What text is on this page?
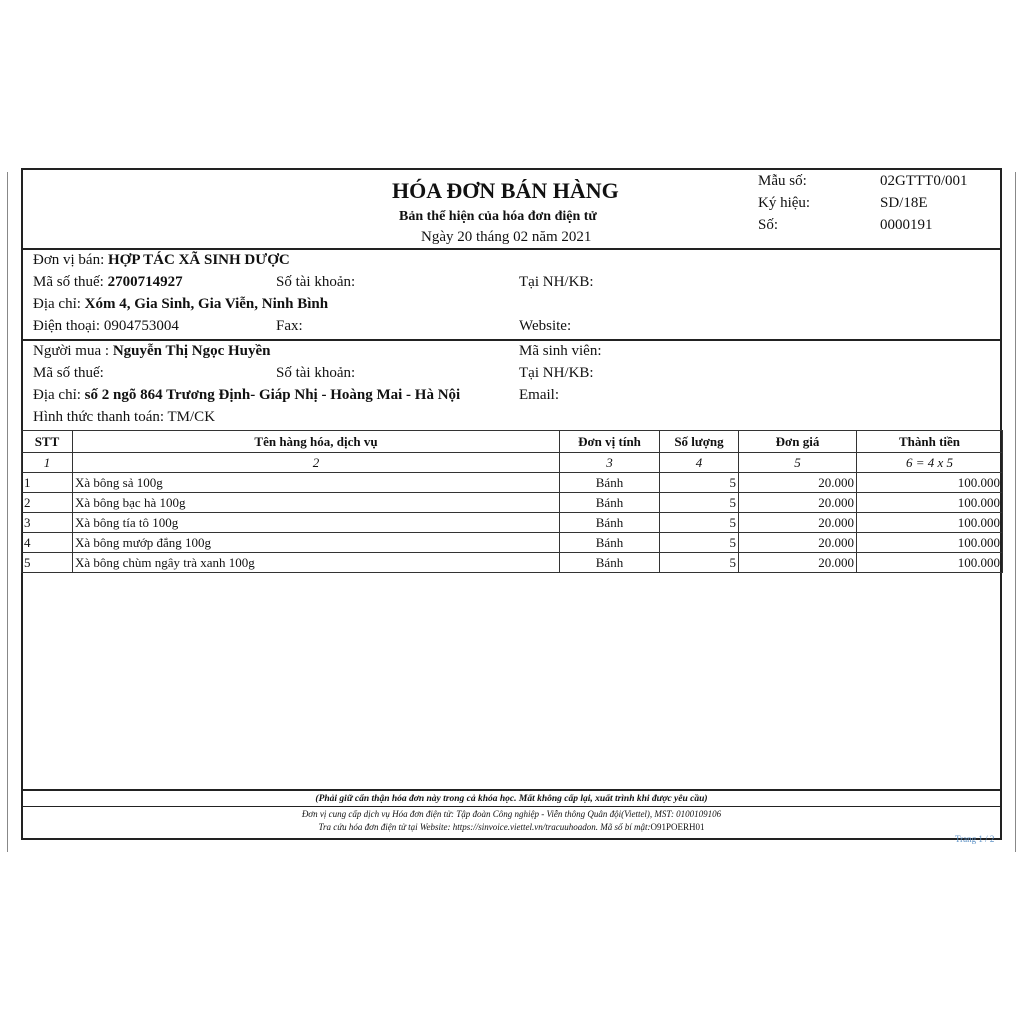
HÓA ĐƠN BÁN HÀNG
Bản thể hiện của hóa đơn điện tử
Ngày 20 tháng 02 năm 2021
Mẫu số:	02GTTT0/001
Ký hiệu:	SD/18E
Số:	0000191
Đơn vị bán: HỢP TÁC XÃ SINH DƯỢC
Mã số thuế: 2700714927	Số tài khoản:	Tại NH/KB:
Địa chỉ: Xóm 4, Gia Sinh, Gia Viễn, Ninh Bình
Điện thoại: 0904753004	Fax:	Website:
Người mua : Nguyễn Thị Ngọc Huyền	Mã sinh viên:
Mã số thuế:	Số tài khoản:	Tại NH/KB:
Địa chỉ: số 2 ngõ 864 Trương Định- Giáp Nhị - Hoàng Mai - Hà Nội	Email:
Hình thức thanh toán: TM/CK
STT	Tên hàng hóa, dịch vụ	Đơn vị tính	Số lượng	Đơn giá	Thành tiền
1	2	3	4	5	6 = 4 x 5
1	Xà bông sả 100g	Bánh	5	20.000	100.000
2	Xà bông bạc hà 100g	Bánh	5	20.000	100.000
3	Xà bông tía tô 100g	Bánh	5	20.000	100.000
4	Xà bông mướp đắng 100g	Bánh	5	20.000	100.000
5	Xà bông chùm ngây trà xanh 100g	Bánh	5	20.000	100.000
(Phải giữ cẩn thận hóa đơn này trong cả khóa học. Mất không cấp lại, xuất trình khi được yêu cầu)
Đơn vị cung cấp dịch vụ Hóa đơn điện tử: Tập đoàn Công nghiệp - Viễn thông Quân đội(Viettel), MST: 0100109106
Tra cứu hóa đơn điện tử tại Website: https://sinvoice.viettel.vn/tracuuhoadon. Mã số bí mật:O91POERH01
Trang 1 / 2
